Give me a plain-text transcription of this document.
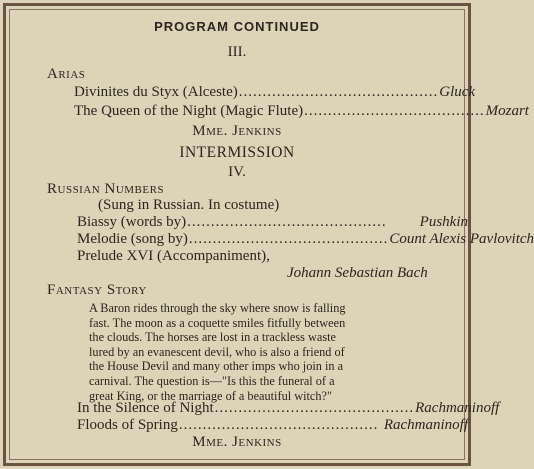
PROGRAM CONTINUED
III.
Arias
Divinites du Styx (Alceste) .......................................... Gluck
The Queen of the Night (Magic Flute) ...................................... Mozart
Mme. Jenkins
INTERMISSION
IV.
Russian Numbers
(Sung in Russian. In costume)
Biassy (words by) ..........................................	Pushkin
Melodie (song by) .......................................... Count Alexis Pavlovitch
Prelude XVI (Accompaniment),
Johann Sebastian Bach
Fantasy Story
A Baron rides through the sky where snow is falling
fast. The moon as a coquette smiles fitfully between
the clouds. The horses are lost in a trackless waste
lured by an evanescent devil, who is also a friend of
the House Devil and many other imps who join in a
carnival. The question is—"Is this the funeral of a
great King, or the marriage of a beautiful witch?"
In the Silence of Night .......................................... Rachmaninoff
Floods of Spring .......................................... Rachmaninoff
Mme. Jenkins
